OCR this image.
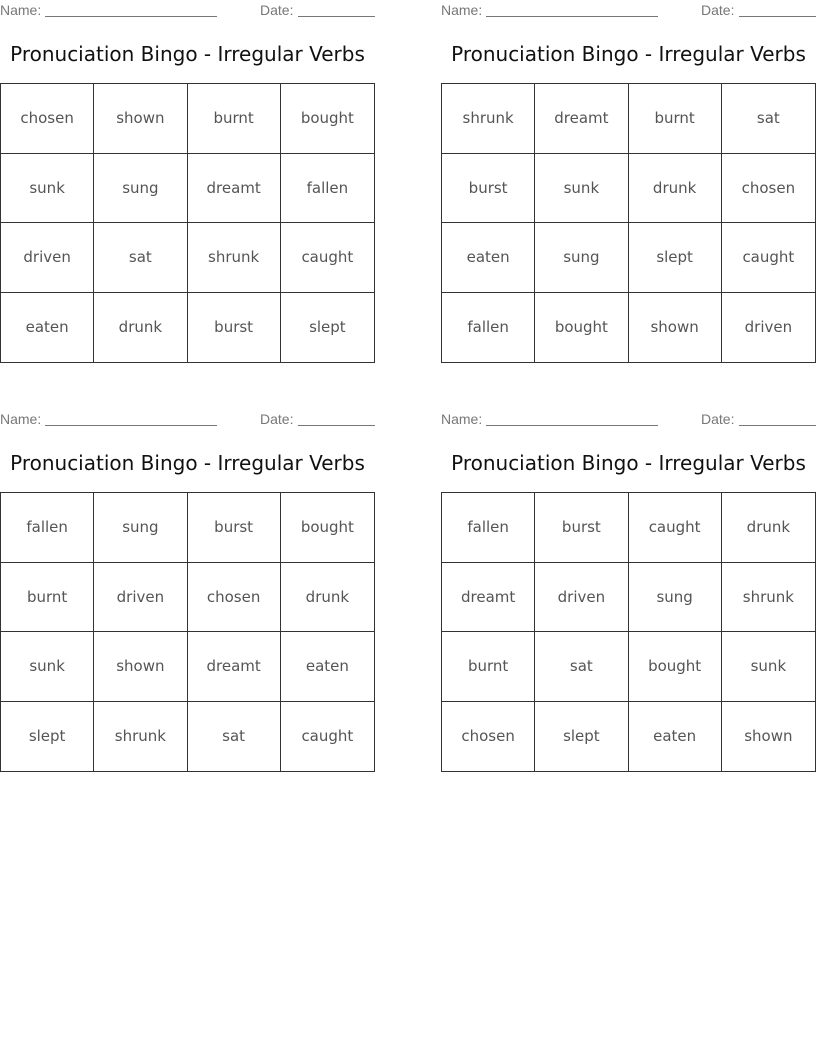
Name:	Date:
Pronuciation Bingo - Irregular Verbs
chosen	shown	burnt	bought
sunk	sung	dreamt	fallen
driven	sat	shrunk	caught
eaten	drunk	burst	slept
Name:	Date:
Pronuciation Bingo - Irregular Verbs
shrunk	dreamt	burnt	sat
burst	sunk	drunk	chosen
eaten	sung	slept	caught
fallen	bought	shown	driven
Name:	Date:
Pronuciation Bingo - Irregular Verbs
fallen	sung	burst	bought
burnt	driven	chosen	drunk
sunk	shown	dreamt	eaten
slept	shrunk	sat	caught
Name:	Date:
Pronuciation Bingo - Irregular Verbs
fallen	burst	caught	drunk
dreamt	driven	sung	shrunk
burnt	sat	bought	sunk
chosen	slept	eaten	shown
